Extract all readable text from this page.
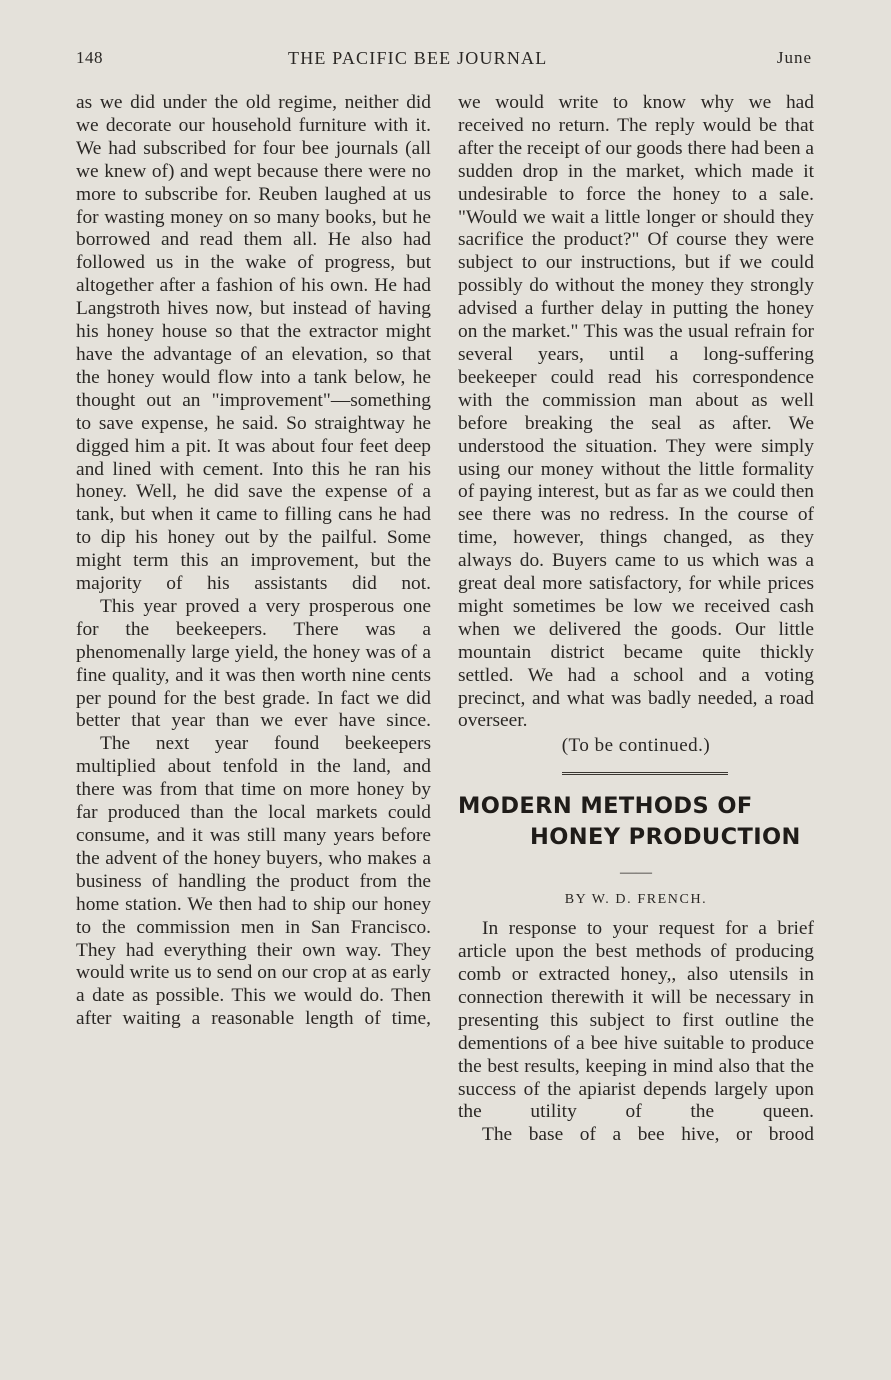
148	THE PACIFIC BEE JOURNAL	June

as we did under the old regime, neither did we decorate our household furniture with it. We had subscribed for four bee journals (all we knew of) and wept because there were no more to subscribe for. Reuben laughed at us for wasting money on so many books, but he borrowed and read them all. He also had followed us in the wake of progress, but altogether after a fashion of his own. He had Langstroth hives now, but instead of having his honey house so that the extractor might have the advantage of an elevation, so that the honey would flow into a tank below, he thought out an "improvement"—something to save expense, he said. So straightway he digged him a pit. It was about four feet deep and lined with cement. Into this he ran his honey. Well, he did save the expense of a tank, but when it came to filling cans he had to dip his honey out by the pailful. Some might term this an improvement, but the majority of his assistants did not.

This year proved a very prosperous one for the beekeepers. There was a phenomenally large yield, the honey was of a fine quality, and it was then worth nine cents per pound for the best grade. In fact we did better that year than we ever have since.

The next year found beekeepers multiplied about tenfold in the land, and there was from that time on more honey by far produced than the local markets could consume, and it was still many years before the advent of the honey buyers, who makes a business of handling the product from the home station. We then had to ship our honey to the commission men in San Francisco. They had everything their own way. They would write us to send on our crop at as early a date as possible. This we would do. Then after waiting a reasonable length of time,

we would write to know why we had received no return. The reply would be that after the receipt of our goods there had been a sudden drop in the market, which made it undesirable to force the honey to a sale. "Would we wait a little longer or should they sacrifice the product?" Of course they were subject to our instructions, but if we could possibly do without the money they strongly advised a further delay in putting the honey on the market." This was the usual refrain for several years, until a long-suffering beekeeper could read his correspondence with the commission man about as well before breaking the seal as after. We understood the situation. They were simply using our money without the little formality of paying interest, but as far as we could then see there was no redress. In the course of time, however, things changed, as they always do. Buyers came to us which was a great deal more satisfactory, for while prices might sometimes be low we received cash when we delivered the goods. Our little mountain district became quite thickly settled. We had a school and a voting precinct, and what was badly needed, a road overseer.

(To be continued.)
MODERN METHODS OF
HONEY PRODUCTION
——
BY W. D. FRENCH.

In response to your request for a brief article upon the best methods of producing comb or extracted honey,, also utensils in connection therewith it will be necessary in presenting this subject to first outline the dementions of a bee hive suitable to produce the best results, keeping in mind also that the success of the apiarist depends largely upon the utility of the queen.

The base of a bee hive, or brood
